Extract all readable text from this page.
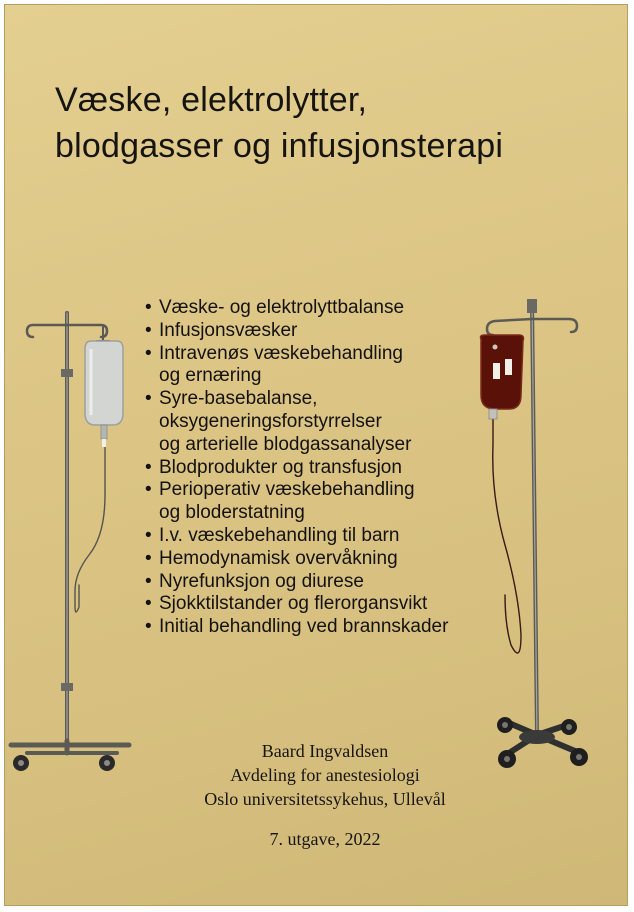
Væske, elektrolytter,
blodgasser og infusjonsterapi
• Væske- og elektrolyttbalanse
• Infusjonsvæsker
• Intravenøs væskebehandling
og ernæring
• Syre-basebalanse,
oksygeneringsforstyrrelser
og arterielle blodgassanalyser
• Blodprodukter og transfusjon
• Perioperativ væskebehandling
og bloderstatning
• I.v. væskebehandling til barn
• Hemodynamisk overvåkning
• Nyrefunksjon og diurese
• Sjokktilstander og flerorgansvikt
• Initial behandling ved brannskader
Baard Ingvaldsen
Avdeling for anestesiologi
Oslo universitetssykehus, Ullevål
7. utgave, 2022
